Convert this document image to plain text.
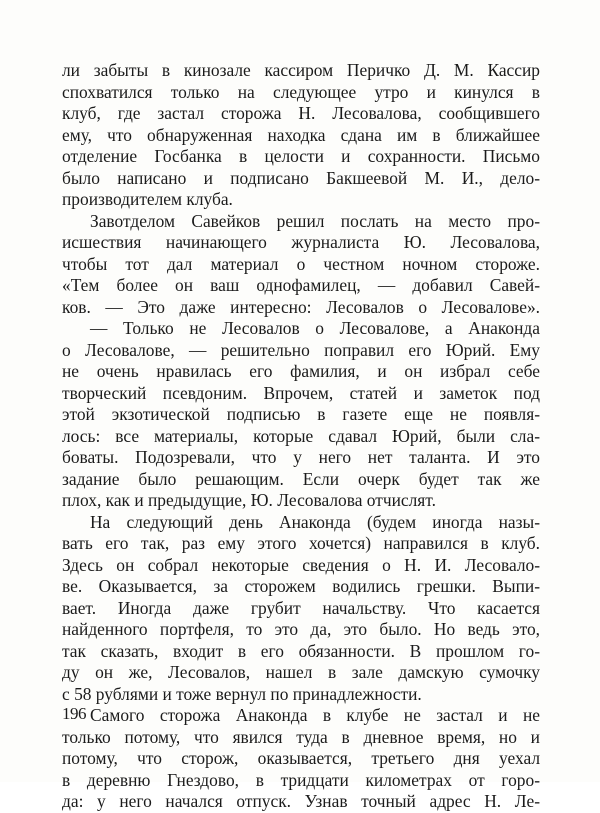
ли забыты в кинозале кассиром Перичко Д. М. Кассир
спохватился только на следующее утро и кинулся в
клуб, где застал сторожа Н. Лесовалова, сообщившего
ему, что обнаруженная находка сдана им в ближайшее
отделение Госбанка в целости и сохранности. Письмо
было написано и подписано Бакшеевой М. И., дело-
производителем клуба.
Завотделом Савейков решил послать на место про-
исшествия начинающего журналиста Ю. Лесовалова,
чтобы тот дал материал о честном ночном стороже.
«Тем более он ваш однофамилец, — добавил Савей-
ков. — Это даже интересно: Лесовалов о Лесовалове».
— Только не Лесовалов о Лесовалове, а Анаконда
о Лесовалове, — решительно поправил его Юрий. Ему
не очень нравилась его фамилия, и он избрал себе
творческий псевдоним. Впрочем, статей и заметок под
этой экзотической подписью в газете еще не появля-
лось: все материалы, которые сдавал Юрий, были сла-
боваты. Подозревали, что у него нет таланта. И это
задание было решающим. Если очерк будет так же
плох, как и предыдущие, Ю. Лесовалова отчислят.
На следующий день Анаконда (будем иногда назы-
вать его так, раз ему этого хочется) направился в клуб.
Здесь он собрал некоторые сведения о Н. И. Лесовало-
ве. Оказывается, за сторожем водились грешки. Выпи-
вает. Иногда даже грубит начальству. Что касается
найденного портфеля, то это да, это было. Но ведь это,
так сказать, входит в его обязанности. В прошлом го-
ду он же, Лесовалов, нашел в зале дамскую сумочку
с 58 рублями и тоже вернул по принадлежности.
Самого сторожа Анаконда в клубе не застал и не
только потому, что явился туда в дневное время, но и
потому, что сторож, оказывается, третьего дня уехал
в деревню Гнездово, в тридцати километрах от горо-
да: у него начался отпуск. Узнав точный адрес Н. Ле-
196
